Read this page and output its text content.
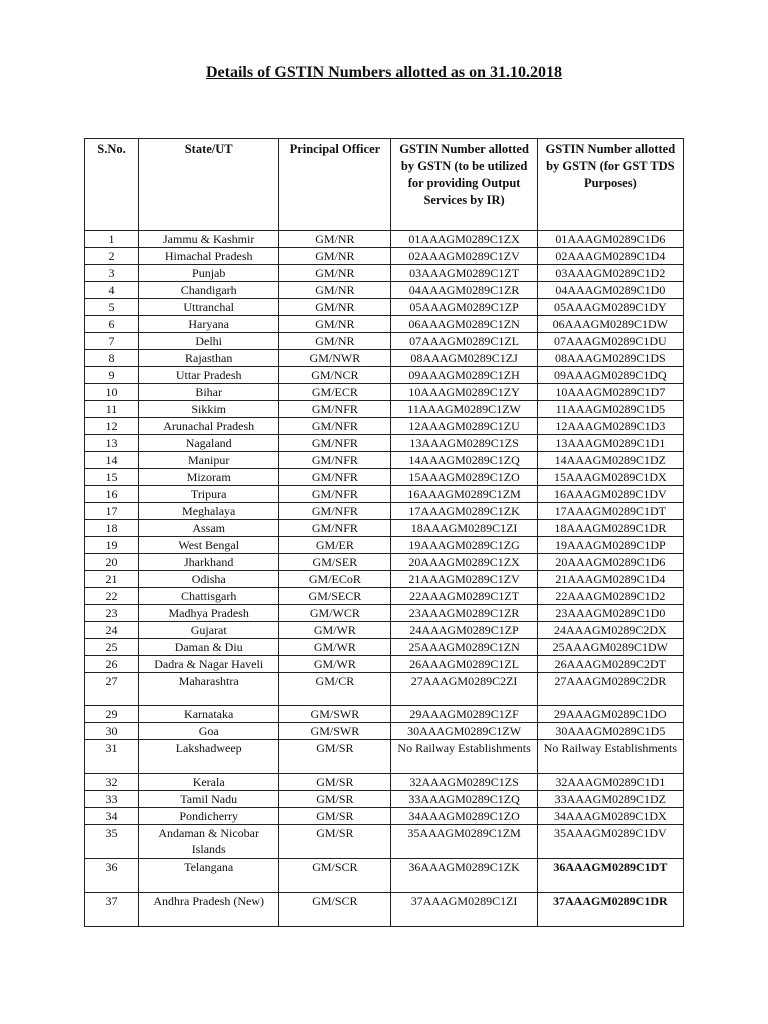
Details of GSTIN Numbers allotted as on 31.10.2018
S.No.	State/UT	Principal Officer	GSTIN Number allotted by GSTN (to be utilized for providing Output Services by IR)	GSTIN Number allotted by GSTN (for GST TDS Purposes)
1	Jammu & Kashmir	GM/NR	01AAAGM0289C1ZX	01AAAGM0289C1D6
2	Himachal Pradesh	GM/NR	02AAAGM0289C1ZV	02AAAGM0289C1D4
3	Punjab	GM/NR	03AAAGM0289C1ZT	03AAAGM0289C1D2
4	Chandigarh	GM/NR	04AAAGM0289C1ZR	04AAAGM0289C1D0
5	Uttranchal	GM/NR	05AAAGM0289C1ZP	05AAAGM0289C1DY
6	Haryana	GM/NR	06AAAGM0289C1ZN	06AAAGM0289C1DW
7	Delhi	GM/NR	07AAAGM0289C1ZL	07AAAGM0289C1DU
8	Rajasthan	GM/NWR	08AAAGM0289C1ZJ	08AAAGM0289C1DS
9	Uttar Pradesh	GM/NCR	09AAAGM0289C1ZH	09AAAGM0289C1DQ
10	Bihar	GM/ECR	10AAAGM0289C1ZY	10AAAGM0289C1D7
11	Sikkim	GM/NFR	11AAAGM0289C1ZW	11AAAGM0289C1D5
12	Arunachal Pradesh	GM/NFR	12AAAGM0289C1ZU	12AAAGM0289C1D3
13	Nagaland	GM/NFR	13AAAGM0289C1ZS	13AAAGM0289C1D1
14	Manipur	GM/NFR	14AAAGM0289C1ZQ	14AAAGM0289C1DZ
15	Mizoram	GM/NFR	15AAAGM0289C1ZO	15AAAGM0289C1DX
16	Tripura	GM/NFR	16AAAGM0289C1ZM	16AAAGM0289C1DV
17	Meghalaya	GM/NFR	17AAAGM0289C1ZK	17AAAGM0289C1DT
18	Assam	GM/NFR	18AAAGM0289C1ZI	18AAAGM0289C1DR
19	West Bengal	GM/ER	19AAAGM0289C1ZG	19AAAGM0289C1DP
20	Jharkhand	GM/SER	20AAAGM0289C1ZX	20AAAGM0289C1D6
21	Odisha	GM/ECoR	21AAAGM0289C1ZV	21AAAGM0289C1D4
22	Chattisgarh	GM/SECR	22AAAGM0289C1ZT	22AAAGM0289C1D2
23	Madhya Pradesh	GM/WCR	23AAAGM0289C1ZR	23AAAGM0289C1D0
24	Gujarat	GM/WR	24AAAGM0289C1ZP	24AAAGM0289C2DX
25	Daman & Diu	GM/WR	25AAAGM0289C1ZN	25AAAGM0289C1DW
26	Dadra & Nagar Haveli	GM/WR	26AAAGM0289C1ZL	26AAAGM0289C2DT
27	Maharashtra	GM/CR	27AAAGM0289C2ZI	27AAAGM0289C2DR
29	Karnataka	GM/SWR	29AAAGM0289C1ZF	29AAAGM0289C1DO
30	Goa	GM/SWR	30AAAGM0289C1ZW	30AAAGM0289C1D5
31	Lakshadweep	GM/SR	No Railway Establishments	No Railway Establishments
32	Kerala	GM/SR	32AAAGM0289C1ZS	32AAAGM0289C1D1
33	Tamil Nadu	GM/SR	33AAAGM0289C1ZQ	33AAAGM0289C1DZ
34	Pondicherry	GM/SR	34AAAGM0289C1ZO	34AAAGM0289C1DX
35	Andaman & Nicobar Islands	GM/SR	35AAAGM0289C1ZM	35AAAGM0289C1DV
36	Telangana	GM/SCR	36AAAGM0289C1ZK	36AAAGM0289C1DT
37	Andhra Pradesh (New)	GM/SCR	37AAAGM0289C1ZI	37AAAGM0289C1DR
